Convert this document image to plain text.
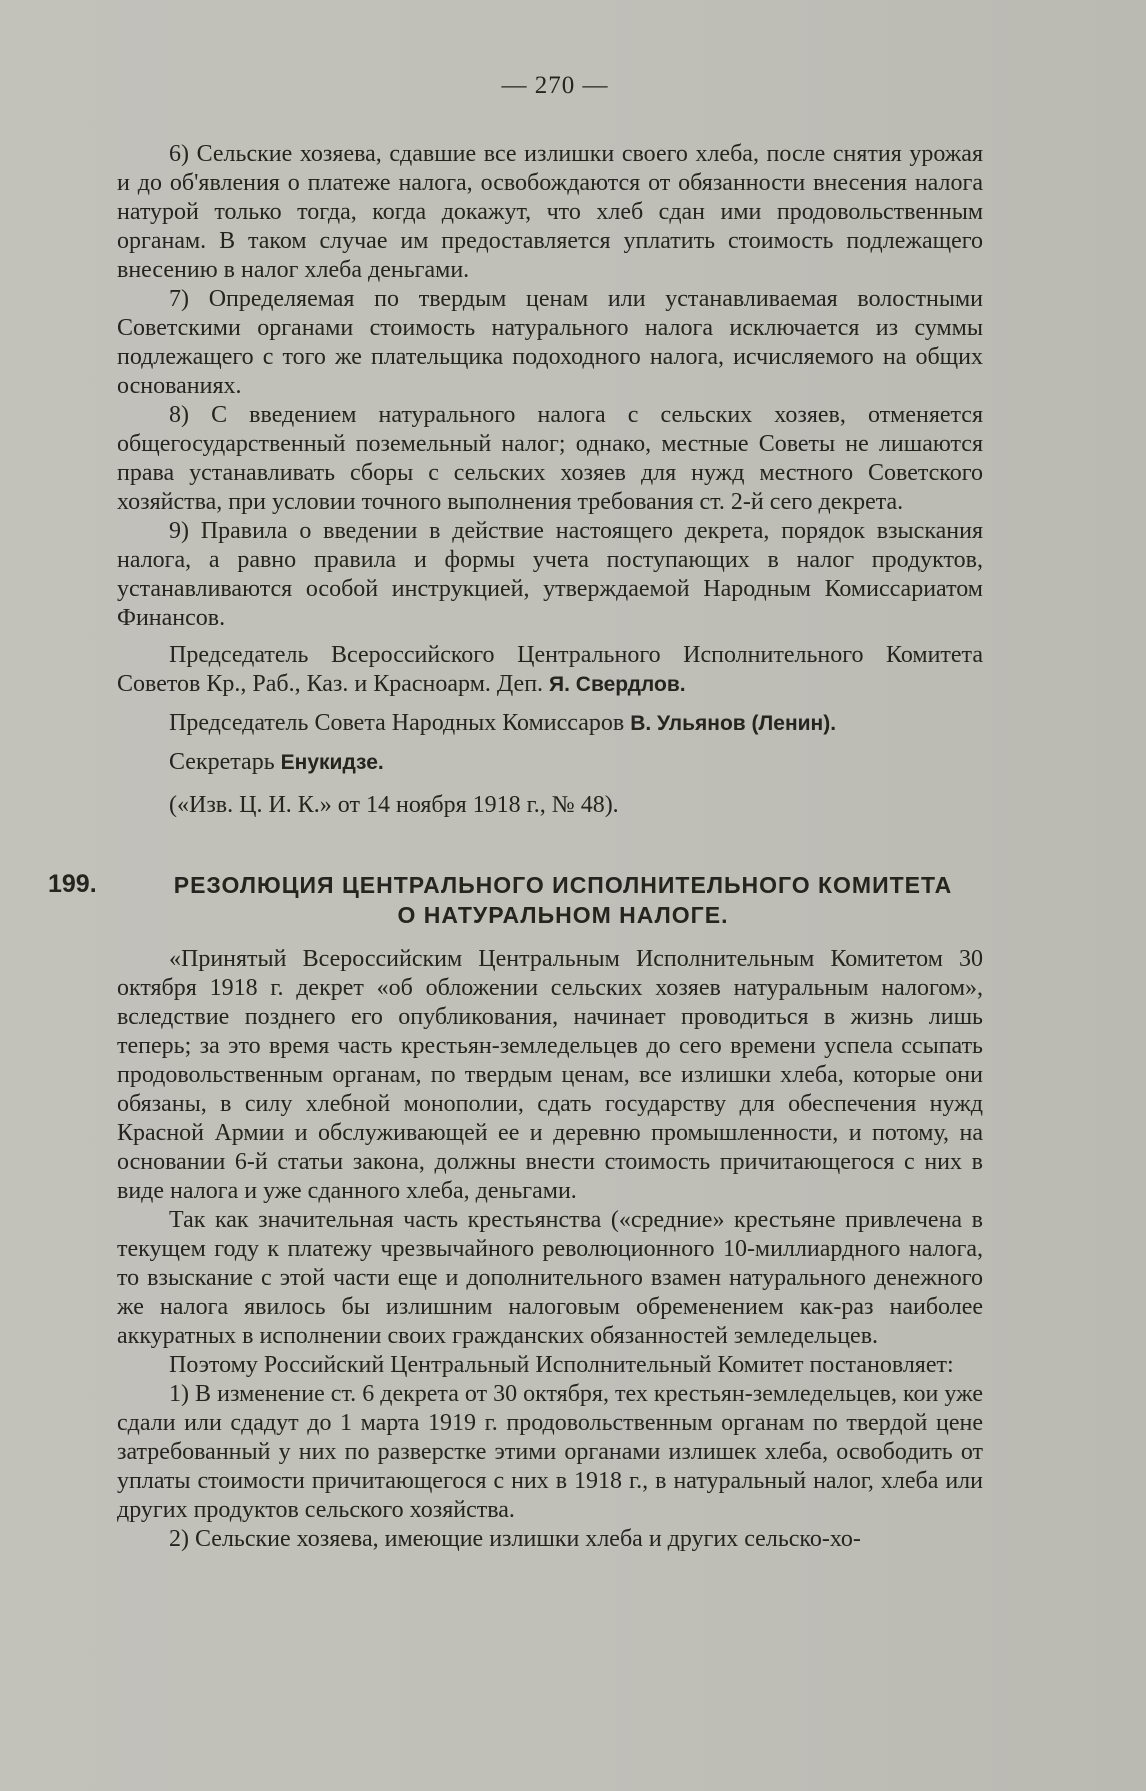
— 270 —

6) Сельские хозяева, сдавшие все излишки своего хлеба, после снятия урожая и до об'явления о платеже налога, освобождаются от обязанности внесения налога натурой только тогда, когда докажут, что хлеб сдан ими продовольственным органам. В таком случае им предоставляется уплатить стоимость подлежащего внесению в налог хлеба деньгами.

7) Определяемая по твердым ценам или устанавливаемая волостными Советскими органами стоимость натурального налога исключается из суммы подлежащего с того же плательщика подоходного налога, исчисляемого на общих основаниях.

8) С введением натурального налога с сельских хозяев, отменяется общегосударственный поземельный налог; однако, местные Советы не лишаются права устанавливать сборы с сельских хозяев для нужд местного Советского хозяйства, при условии точного выполнения требования ст. 2-й сего декрета.

9) Правила о введении в действие настоящего декрета, порядок взыскания налога, а равно правила и формы учета поступающих в налог продуктов, устанавливаются особой инструкцией, утверждаемой Народным Комиссариатом Финансов.

Председатель Всероссийского Центрального Исполнительного Комитета Советов Кр., Раб., Каз. и Красноарм. Деп. Я. Свердлов.
Председатель Совета Народных Комиссаров В. Ульянов (Ленин).
Секретарь Енукидзе.
(«Изв. Ц. И. К.» от 14 ноября 1918 г., № 48).
199.	РЕЗОЛЮЦИЯ ЦЕНТРАЛЬНОГО ИСПОЛНИТЕЛЬНОГО КОМИТЕТА
О НАТУРАЛЬНОМ НАЛОГЕ.

«Принятый Всероссийским Центральным Исполнительным Комитетом 30 октября 1918 г. декрет «об обложении сельских хозяев натуральным налогом», вследствие позднего его опубликования, начинает проводиться в жизнь лишь теперь; за это время часть крестьян-земледельцев до сего времени успела ссыпать продовольственным органам, по твердым ценам, все излишки хлеба, которые они обязаны, в силу хлебной монополии, сдать государству для обеспечения нужд Красной Армии и обслуживающей ее и деревню промышленности, и потому, на основании 6-й статьи закона, должны внести стоимость причитающегося с них в виде налога и уже сданного хлеба, деньгами.

Так как значительная часть крестьянства («средние» крестьяне привлечена в текущем году к платежу чрезвычайного революционного 10-миллиардного налога, то взыскание с этой части еще и дополнительного взамен натурального денежного же налога явилось бы излишним налоговым обременением как-раз наиболее аккуратных в исполнении своих гражданских обязанностей земледельцев.

Поэтому Российский Центральный Исполнительный Комитет постановляет:

1) В изменение ст. 6 декрета от 30 октября, тех крестьян-земледельцев, кои уже сдали или сдадут до 1 марта 1919 г. продовольственным органам по твердой цене затребованный у них по разверстке этими органами излишек хлеба, освободить от уплаты стоимости причитающегося с них в 1918 г., в натуральный налог, хлеба или других продуктов сельского хозяйства.

2) Сельские хозяева, имеющие излишки хлеба и других сельско-хо-
